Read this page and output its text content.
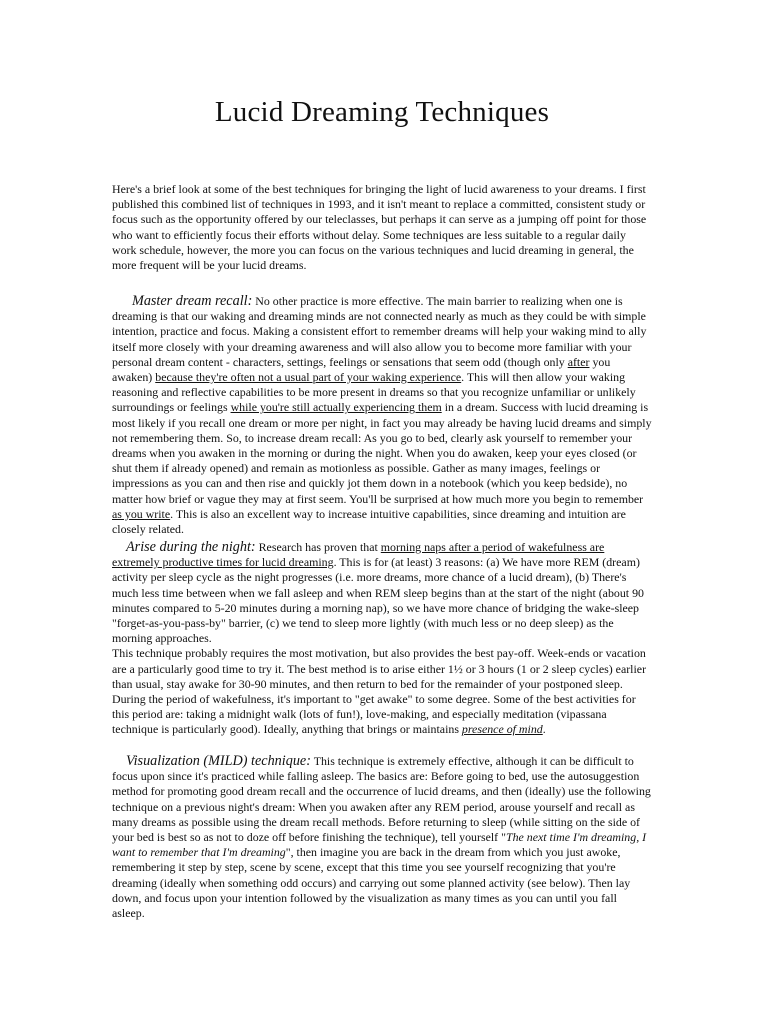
Lucid Dreaming Techniques

Here's a brief look at some of the best techniques for bringing the light of lucid awareness to your dreams. I first published this combined list of techniques in 1993, and it isn't meant to replace a committed, consistent study or focus such as the opportunity offered by our teleclasses, but perhaps it can serve as a jumping off point for those who want to efficiently focus their efforts without delay. Some techniques are less suitable to a regular daily work schedule, however, the more you can focus on the various techniques and lucid dreaming in general, the more frequent will be your lucid dreams.

Master dream recall: No other practice is more effective. The main barrier to realizing when one is dreaming is that our waking and dreaming minds are not connected nearly as much as they could be with simple intention, practice and focus. Making a consistent effort to remember dreams will help your waking mind to ally itself more closely with your dreaming awareness and will also allow you to become more familiar with your personal dream content - characters, settings, feelings or sensations that seem odd (though only after you awaken) because they're often not a usual part of your waking experience. This will then allow your waking reasoning and reflective capabilities to be more present in dreams so that you recognize unfamiliar or unlikely surroundings or feelings while you're still actually experiencing them in a dream. Success with lucid dreaming is most likely if you recall one dream or more per night, in fact you may already be having lucid dreams and simply not remembering them. So, to increase dream recall: As you go to bed, clearly ask yourself to remember your dreams when you awaken in the morning or during the night. When you do awaken, keep your eyes closed (or shut them if already opened) and remain as motionless as possible. Gather as many images, feelings or impressions as you can and then rise and quickly jot them down in a notebook (which you keep bedside), no matter how brief or vague they may at first seem. You'll be surprised at how much more you begin to remember as you write. This is also an excellent way to increase intuitive capabilities, since dreaming and intuition are closely related.
Arise during the night: Research has proven that morning naps after a period of wakefulness are extremely productive times for lucid dreaming. This is for (at least) 3 reasons: (a) We have more REM (dream) activity per sleep cycle as the night progresses (i.e. more dreams, more chance of a lucid dream), (b) There's much less time between when we fall asleep and when REM sleep begins than at the start of the night (about 90 minutes compared to 5-20 minutes during a morning nap), so we have more chance of bridging the wake-sleep "forget-as-you-pass-by" barrier, (c) we tend to sleep more lightly (with much less or no deep sleep) as the morning approaches.
This technique probably requires the most motivation, but also provides the best pay-off. Week-ends or vacation are a particularly good time to try it. The best method is to arise either 1½ or 3 hours (1 or 2 sleep cycles) earlier than usual, stay awake for 30-90 minutes, and then return to bed for the remainder of your postponed sleep. During the period of wakefulness, it's important to "get awake" to some degree. Some of the best activities for this period are: taking a midnight walk (lots of fun!), love-making, and especially meditation (vipassana technique is particularly good). Ideally, anything that brings or maintains presence of mind.
Visualization (MILD) technique: This technique is extremely effective, although it can be difficult to focus upon since it's practiced while falling asleep. The basics are: Before going to bed, use the autosuggestion method for promoting good dream recall and the occurrence of lucid dreams, and then (ideally) use the following technique on a previous night's dream: When you awaken after any REM period, arouse yourself and recall as many dreams as possible using the dream recall methods. Before returning to sleep (while sitting on the side of your bed is best so as not to doze off before finishing the technique), tell yourself "The next time I'm dreaming, I want to remember that I'm dreaming", then imagine you are back in the dream from which you just awoke, remembering it step by step, scene by scene, except that this time you see yourself recognizing that you're dreaming (ideally when something odd occurs) and carrying out some planned activity (see below). Then lay down, and focus upon your intention followed by the visualization as many times as you can until you fall asleep.
